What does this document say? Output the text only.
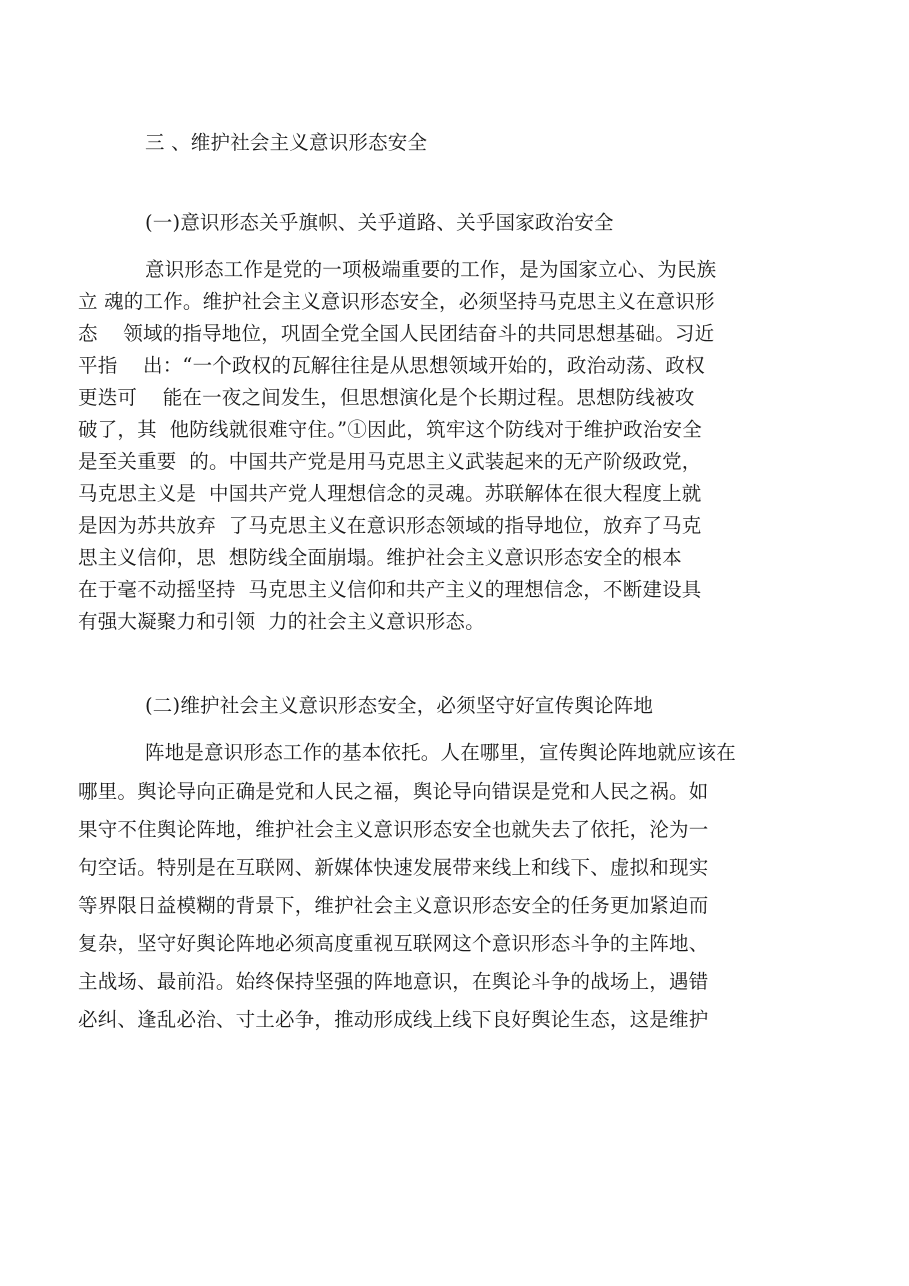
三 、维护社会主义意识形态安全
(一)意识形态关乎旗帜、关乎道路、关乎国家政治安全
意识形态工作是党的一项极端重要的工作，是为国家立心、为民族
立 魂的工作。维护社会主义意识形态安全，必须坚持马克思主义在意识形
态    领域的指导地位，巩固全党全国人民团结奋斗的共同思想基础。习近
平指    出：“一个政权的瓦解往往是从思想领域开始的，政治动荡、政权
更迭可    能在一夜之间发生，但思想演化是个长期过程。思想防线被攻
破了，其  他防线就很难守住。”①因此，筑牢这个防线对于维护政治安全
是至关重要  的。中国共产党是用马克思主义武装起来的无产阶级政党，
马克思主义是  中国共产党人理想信念的灵魂。苏联解体在很大程度上就
是因为苏共放弃  了马克思主义在意识形态领域的指导地位，放弃了马克
思主义信仰，思  想防线全面崩塌。维护社会主义意识形态安全的根本
在于毫不动摇坚持  马克思主义信仰和共产主义的理想信念，不断建设具
有强大凝聚力和引领  力的社会主义意识形态。
(二)维护社会主义意识形态安全，必须坚守好宣传舆论阵地
阵地是意识形态工作的基本依托。人在哪里，宣传舆论阵地就应该在
哪里。舆论导向正确是党和人民之福，舆论导向错误是党和人民之祸。如
果守不住舆论阵地，维护社会主义意识形态安全也就失去了依托，沦为一
句空话。特别是在互联网、新媒体快速发展带来线上和线下、虚拟和现实
等界限日益模糊的背景下，维护社会主义意识形态安全的任务更加紧迫而
复杂，坚守好舆论阵地必须高度重视互联网这个意识形态斗争的主阵地、
主战场、最前沿。始终保持坚强的阵地意识，在舆论斗争的战场上，遇错
必纠、逢乱必治、寸土必争，推动形成线上线下良好舆论生态，这是维护
